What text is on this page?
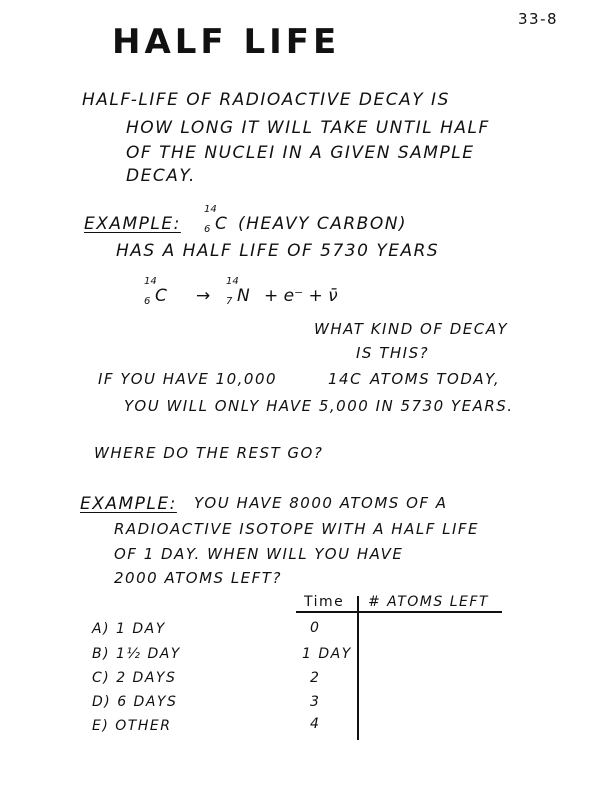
33-8
HALF LIFE
HALF-LIFE OF RADIOACTIVE DECAY IS
HOW LONG IT WILL TAKE UNTIL HALF
OF THE NUCLEI IN A GIVEN SAMPLE
DECAY.
EXAMPLE:
14
6 C (HEAVY CARBON)
HAS A HALF LIFE OF 5730 YEARS
14
6 C →
14
7 N + e⁻ + ν̄
WHAT KIND OF DECAY
IS THIS?
IF YOU HAVE 10,000	14C ATOMS TODAY,
YOU WILL ONLY HAVE 5,000 IN 5730 YEARS.
WHERE DO THE REST GO?
EXAMPLE: YOU HAVE 8000 ATOMS OF A
RADIOACTIVE ISOTOPE WITH A HALF LIFE
OF 1 DAY. WHEN WILL YOU HAVE
2000 ATOMS LEFT?
A) 1 DAY
B) 1½ DAY
C) 2 DAYS
D) 6 DAYS
E) OTHER
Time # ATOMS LEFT
0
1 DAY
2
3
4
